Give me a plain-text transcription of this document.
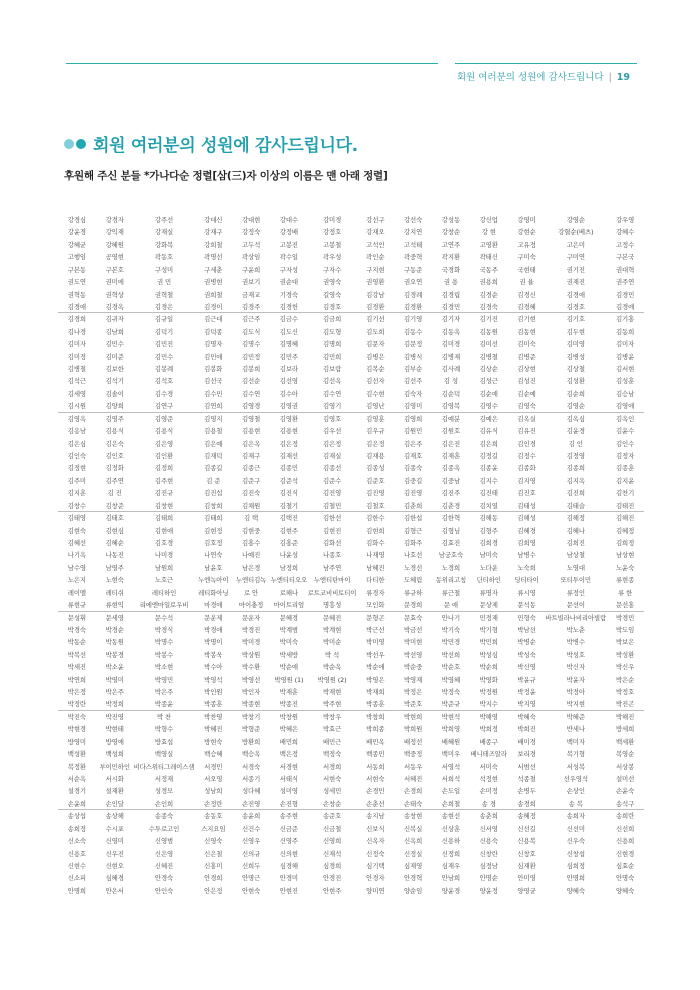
회원 여러분의 성원에 감사드립니다 | 19
회원 여러분의 성원에 감사드립니다.
후원해 주신 분들 *가나다순 정렬[삼(三)자 이상의 이름은 맨 아래 정렬]
강경심	강경자	강주선	강대신	강대현	강대수	강미경	강선구	강선숙	강성동	강신업	강영미	강영순	강우영
강윤경	강익재	강재실	강재구	강정숙	강정배	강정호	강재오	강지연	강창순	강 현	강현순	강혈순(베츠)	강혜수
강혜균	강혜원	강화복	강희철	고두석	고봉진	고봉철	고석인	고석태	고연주	고영환	고유정	고은미	고정수
고행임	공영현	곽동호	곽명선	곽상임	곽수일	곽우성	곽인순	곽중혁	곽지환	곽태신	구미숙	구미연	구본국
구본동	구본호	구성미	구세춘	구윤희	구자성	구자수	구지현	구동준	국경화	국동주	국현태	권기진	권대혁
권도연	권미애	권 민	권병현	권보기	권순대	권영숙	권영환	권오연	권 용	권용희	권 율	권재진	권주연
권혁동	권혁상	권혁철	권희철	금재교	기경숙	길영숙	김강남	김경례	김경립	김경순	김경신	김경애	김경민
김경애	김경옥	김경은	김경이	김경주	김경헌	김경호	김경환	김경환	김경민	김경숙	김경혜	김경호	김경애
김경희	김귀자	김규일	김근대	김근주	김금수	김금희	김기선	김기영	김기자	김기진	김기현	김기호	김기홍
김나경	김남희	김덕기	김덕종	김도식	김도신	김도형	김도희	김동수	김동옥	김동원	김동현	김두현	김동희
김미자	김민수	김민진	김명자	김명수	김명혜	김명희	김문자	김문정	김미경	김미선	김미숙	김미영	김미자
김미정	김미준	김민수	김민애	김민정	김민주	김민희	김병은	김병식	김병재	김병철	김병준	김병성	김병윤
김병철	김보한	김봉례	김봉화	김봉희	김보라	김보람	김복순	김부순	김사례	김상순	김상현	김상철	김서현
김석근	김석기	김석호	김선국	김선순	김선영	김선옥	김선자	김선주	김 성	김성근	김성진	김성환	김성훈
김세영	김솔이	김수경	김수민	김수연	김수아	김수연	김수현	김숙자	김순덕	김순애	김순예	김순희	김승남
김시원	김양희	김연구	김연희	김영경	김영권	김영기	김영난	김영미	김영복	김영수	김영숙	김영순	김영애
김영옥	김영주	김영준	김영지	김영철	김영환	김영호	김영훈	김영희	김예분	김예은	김옥실	김옥심	김옥인
김옹남	김용식	김용식	김용철	김용현	김용현	김우선	김우규	김원민	김원호	김유식	김유진	김윤경	김윤수
김은심	김은숙	김은영	김은예	김은옥	김은정	김은정	김은정	김은주	김은진	김은희	김인경	김 인	김인수
김인숙	김인호	김인환	김재덕	김재구	김재선	김재실	김재용	김재호	김재훈	김정길	김정수	김정영	김정자
김정현	김정화	김정희	김종길	김종근	김종민	김종선	김종성	김종숙	김종옥	김종윤	김종화	김종희	김종훈
김주미	김주연	김주현	김 준	김준구	김준석	김준수	김준호	김중길	김중남	김지수	김지영	김지옥	김지윤
김지훈	김 진	김진규	김진섭	김진숙	김진식	김진영	김진영	김진영	김진주	김진태	김진호	김진희	김찬기
김창수	김창준	김창현	김창희	김채원	김철기	김철민	김철호	김춘희	김춘경	김치열	김태성	김태슬	김태진
김태영	김태호	김태희	김태희	김 택	김택진	김한선	김한수	김한섭	김한혁	김해동	김해성	김해정	김해진
김현숙	김현심	김현애	김현정	김현중	김현주	김현진	김현희	김형근	김형님	김형주	김혜경	김혜나	김혜정
김혜선	김혜순	김호경	김호정	김홍수	김홍준	김화선	김화수	김화주	김효진	김희경	김희영	김희진	김희정
나기옥	나동진	나미경	나연숙	나예진	나윤성	나종호	나재영	나호선	남궁호숙	남미숙	남병수	남상철	남상현
남수영	남영주	남원희	남윤호	남은경	남정희	남주연	남혜진	노경선	노경희	노다운	노숙희	노영대	노윤숙
노은지	노현숙	노호근	누엔녹아이	누엔티김녹 누엔티티오오	누엔티탄마이	다티한	도혜림	동위리고칭	딘티하인	딩티타이	또티투이민	류현종
레이멜	레티쉬	레티하인	레티화아닝	로 안	로해나	로트코비비토티이	류경자	류규하	류근철	류명자	류시영	류정인	류 한
류현규	류현익	리에엔마일로우비	마경애	마이충정	마이트리엄	명흥성	모인화	문경희	문 애	문상제	문석동	문선이	문선홍
문성휘	문세영	문수석	문운제	문운자	문혜경	문혜진	문형곤	문효숙	안나기	민정재	민형숙	바트빌라나비리아빌람	박경민
박경숙	박경순	박경식	박경애	박경진	박계범	박계현	박근선	박금선	박기숙	박기형	박남선	박노춘	박도임
박동순	박동원	박명수	박명이	박미경	박미숙	박미순	박미영	박미현	박민경	박민희	박병순	박병수	박보은
박복선	박봉경	박봉수	박봉욱	박상원	박세방	박 석	박선우	박선영	박선희	박성심	박성숙	박성호	박성환
박세진	박소윤	박소현	박수아	박수환	박순애	박순옥	박순애	박순중	박순호	박순희	박신영	박신자	박신우
박연희	박영미	박영민	박영석	박영선	박영원 (1)	박영원 (2)	박영은	박영재	박영혜	박영화	박윤규	박윤자	박은순
박은정	박은주	박은주	박인원	박인자	박재훈	박재현	박재희	박정은	박정숙	박정원	박정윤	박정아	박정호
박정란	박정희	박종윤	박종훈	박종현	박종진	박주현	박종훈	박준호	박준규	박지수	박지영	박지현	박진곤
박진숙	박진영	박 찬	박찬영	박창기	박창원	박창우	박창희	박현희	박현석	박해영	박혜숙	박혜준	박해진
박현경	박현태	박형수	박혜진	박형준	박혜은	박효근	박희종	박희원	박희영	박희정	박희진	반세나	방세희
방영미	방영애	방효섭	방현숙	방환희	배민희	배민근	배민옥	배정선	배혜원	배종구	배미경	백미자	백세환
백성환	백성희	백영실	백승혜	백승옥	백은정	백정숙	백종민	백중정	백미우	베니테즈알라	보리경	복기형	복영순
복정환	부이민하인 비다스위티그레이스샘	서경민	서경숙	서경현	서경희	서동희	서동우	서영석	서미숙	서범선	서성복	서상봉
서순옥	서시화	서정재	서오영	서종기	서태식	서현숙	서현숙	서혜진	서희석	석정현	석종철	선우영석	설미선
설경기	설재환	성경모	성남희	성다혜	성미영	성세민	손경민	손경희	손도일	손미정	손병두	손상인	손윤숙
손윤희	손인달	손인희	손정란	손진영	손진형	손창순	손춘선	손태숙	손희철	송 경	송경희	송 복	송석구
송상섭	송상해	송종숙	송동호	송윤희	송주현	송준호	송지남	송창현	송현선	송춘희	송혜정	송희자	송희란
송희정	수시포	수투로고인	스지요임	신건수	신금준	신금철	신보식	신복실	신상훈	신서영	신선길	신선미	신선희
신소숙	신영미	신영범	신영숙	신영우	신영주	신영희	신옥자	신옥희	신용하	신용숙	신용복	신우숙	신용희
신용호	신우진	신은영	신은철	신의규	신의현	신재석	신정숙	신정실	신정희	신창란	신창호	신창섭	신현경
신현수	신현오	신혜진	신홍미	신희두	심경해	심경희	심기택	심재영	심재우	심정남	심재환	심희정	심효순
신소피	심혜경	안경숙	안경희	안명근	안경미	안경진	안경자	안경혁	안남희	안명순	안미영	안명희	안명숙
안명희	안은서	안인숙	안은정	안현숙	안현진	안현주	양미연	양순임	양윤경	양윤정	양영균	양혜숙	양혜숙
